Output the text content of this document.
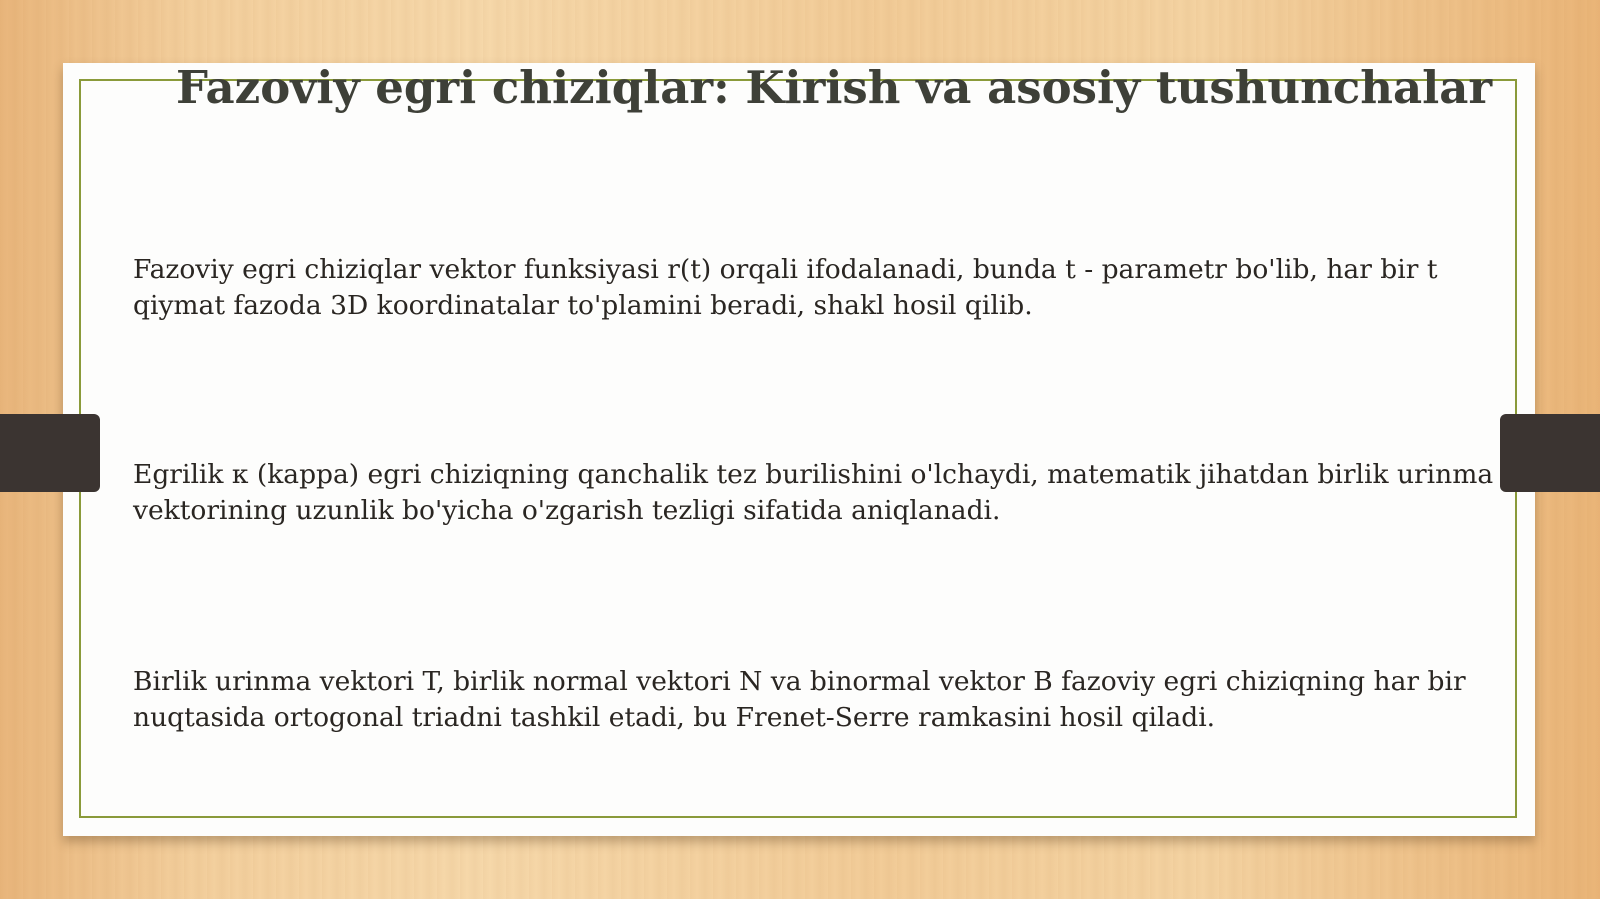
Fazoviy egri chiziqlar: Kirish va asosiy tushunchalar

Fazoviy egri chiziqlar vektor funksiyasi r(t) orqali ifodalanadi, bunda t - parametr bo'lib, har bir t qiymat fazoda 3D koordinatalar to'plamini beradi, shakl hosil qilib.

Egrilik κ (kappa) egri chiziqning qanchalik tez burilishini o'lchaydi, matematik jihatdan birlik urinma vektorining uzunlik bo'yicha o'zgarish tezligi sifatida aniqlanadi.

Birlik urinma vektori T, birlik normal vektori N va binormal vektor B fazoviy egri chiziqning har bir nuqtasida ortogonal triadni tashkil etadi, bu Frenet-Serre ramkasini hosil qiladi.
